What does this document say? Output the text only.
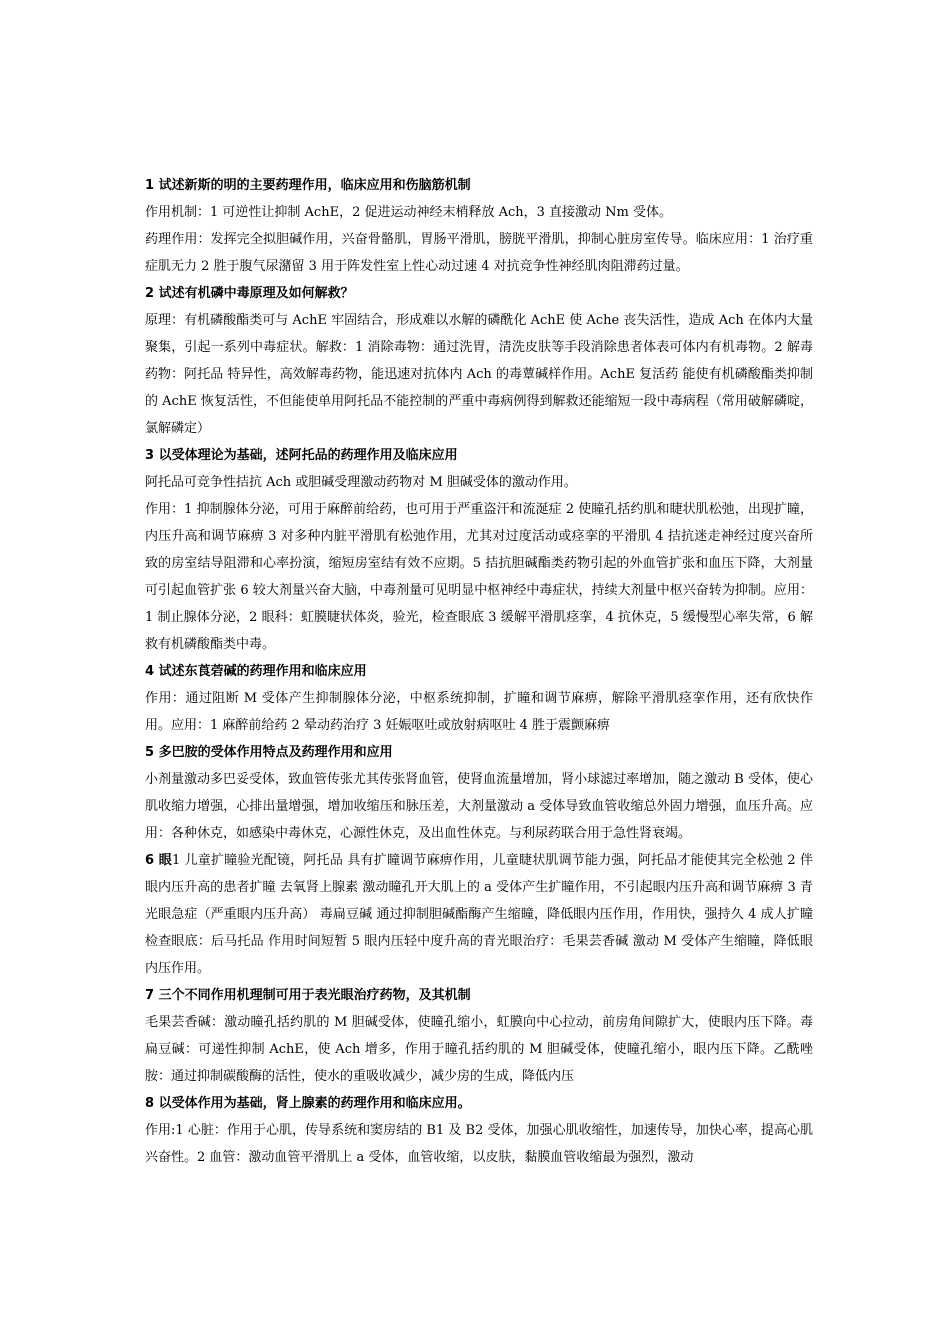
1 试述新斯的明的主要药理作用，临床应用和伤脑筋机制

作用机制：1 可逆性让抑制 AchE，2 促进运动神经末梢释放 Ach，3 直接激动 Nm 受体。

药理作用：发挥完全拟胆碱作用，兴奋骨骼肌，胃肠平滑肌，膀胱平滑肌，抑制心脏房室传导。临床应用：1 治疗重症肌无力 2 胜于腹气尿潴留 3 用于阵发性室上性心动过速 4 对抗竞争性神经肌肉阻滞药过量。

2 试述有机磷中毒原理及如何解救？

原理：有机磷酸酯类可与 AchE 牢固结合，形成难以水解的磷酰化 AchE 使 Ache 丧失活性，造成 Ach 在体内大量聚集，引起一系列中毒症状。解救：1 消除毒物：通过洗胃，清洗皮肤等手段消除患者体表可体内有机毒物。2 解毒药物：阿托品 特异性，高效解毒药物，能迅速对抗体内 Ach 的毒蕈碱样作用。AchE 复活药 能使有机磷酸酯类抑制的 AchE 恢复活性，不但能使单用阿托品不能控制的严重中毒病例得到解救还能缩短一段中毒病程（常用破解磷啶，氯解磷定）

3 以受体理论为基础，述阿托品的药理作用及临床应用

阿托品可竞争性拮抗 Ach 或胆碱受理激动药物对 M 胆碱受体的激动作用。

作用：1 抑制腺体分泌，可用于麻醉前给药，也可用于严重盗汗和流涎症 2 使瞳孔括约肌和睫状肌松弛，出现扩瞳，内压升高和调节麻痹 3 对多种内脏平滑肌有松弛作用，尤其对过度活动或痉挛的平滑肌 4 拮抗迷走神经过度兴奋所致的房室结导阻滞和心率扮演，缩短房室结有效不应期。5 拮抗胆碱酯类药物引起的外血管扩张和血压下降，大剂量可引起血管扩张 6 较大剂量兴奋大脑，中毒剂量可见明显中枢神经中毒症状，持续大剂量中枢兴奋转为抑制。应用：1 制止腺体分泌，2 眼科：虹膜睫状体炎，验光，检查眼底 3 缓解平滑肌痉挛，4 抗休克，5 缓慢型心率失常，6 解救有机磷酸酯类中毒。

4 试述东莨菪碱的药理作用和临床应用

作用：通过阻断 M 受体产生抑制腺体分泌，中枢系统抑制，扩瞳和调节麻痹，解除平滑肌痉挛作用，还有欣快作用。应用：1 麻醉前给药 2 晕动药治疗 3 妊娠呕吐或放射病呕吐 4 胜于震颤麻痹

5 多巴胺的受体作用特点及药理作用和应用

小剂量激动多巴妥受体，致血管传张尤其传张肾血管，使肾血流量增加，肾小球滤过率增加，随之激动 B 受体，使心肌收缩力增强，心排出量增强，增加收缩压和脉压差，大剂量激动 a 受体导致血管收缩总外固力增强，血压升高。应用：各种休克，如感染中毒休克，心源性休克，及出血性休克。与利尿药联合用于急性肾衰竭。

6 眼1 儿童扩瞳验光配镜，阿托品 具有扩瞳调节麻痹作用，儿童睫状肌调节能力强，阿托品才能使其完全松弛 2 伴眼内压升高的患者扩瞳 去氧肾上腺素 激动瞳孔开大肌上的 a 受体产生扩瞳作用，不引起眼内压升高和调节麻痹 3 青光眼急症（严重眼内压升高） 毒扁豆碱 通过抑制胆碱酯酶产生缩瞳，降低眼内压作用，作用快，强持久 4 成人扩瞳检查眼底：后马托品 作用时间短暂 5 眼内压轻中度升高的青光眼治疗：毛果芸香碱 激动 M 受体产生缩瞳，降低眼内压作用。

7 三个不同作用机理制可用于表光眼治疗药物，及其机制

毛果芸香碱：激动瞳孔括约肌的 M 胆碱受体，使瞳孔缩小，虹膜向中心拉动，前房角间隙扩大，使眼内压下降。毒扁豆碱：可递性抑制 AchE，使 Ach 增多，作用于瞳孔括约肌的 M 胆碱受体，使瞳孔缩小，眼内压下降。乙酰唑胺：通过抑制碳酸酶的活性，使水的重吸收减少，减少房的生成，降低内压

8 以受体作用为基础，肾上腺素的药理作用和临床应用。

作用:1 心脏：作用于心肌，传导系统和窦房结的 B1 及 B2 受体，加强心肌收缩性，加速传导，加快心率，提高心肌兴奋性。2 血管：激动血管平滑肌上 a 受体，血管收缩，以皮肤，黏膜血管收缩最为强烈，激动
